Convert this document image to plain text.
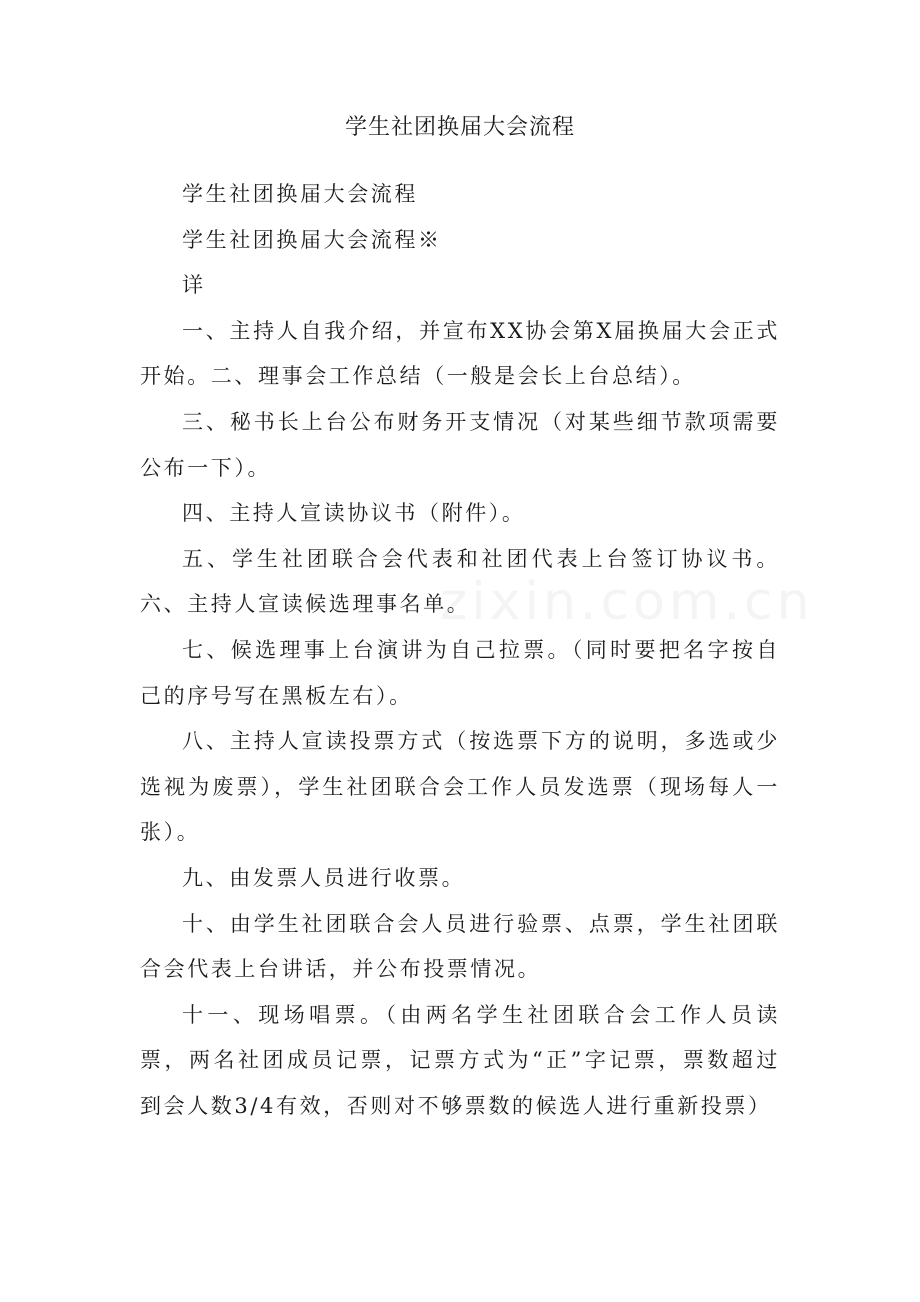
学生社团换届大会流程

学生社团换届大会流程

学生社团换届大会流程※

详

一、主持人自我介绍，并宣布XX协会第X届换届大会正式开始。二、理事会工作总结（一般是会长上台总结）。

三、秘书长上台公布财务开支情况（对某些细节款项需要公布一下）。

四、主持人宣读协议书（附件）。

五、学生社团联合会代表和社团代表上台签订协议书。六、主持人宣读候选理事名单。

七、候选理事上台演讲为自己拉票。（同时要把名字按自己的序号写在黑板左右）。

八、主持人宣读投票方式（按选票下方的说明，多选或少选视为废票），学生社团联合会工作人员发选票（现场每人一张）。

九、由发票人员进行收票。

十、由学生社团联合会人员进行验票、点票，学生社团联合会代表上台讲话，并公布投票情况。

十一、现场唱票。（由两名学生社团联合会工作人员读票，两名社团成员记票，记票方式为“正”字记票，票数超过到会人数3/4有效，否则对不够票数的候选人进行重新投票）

zixin.com.cn
